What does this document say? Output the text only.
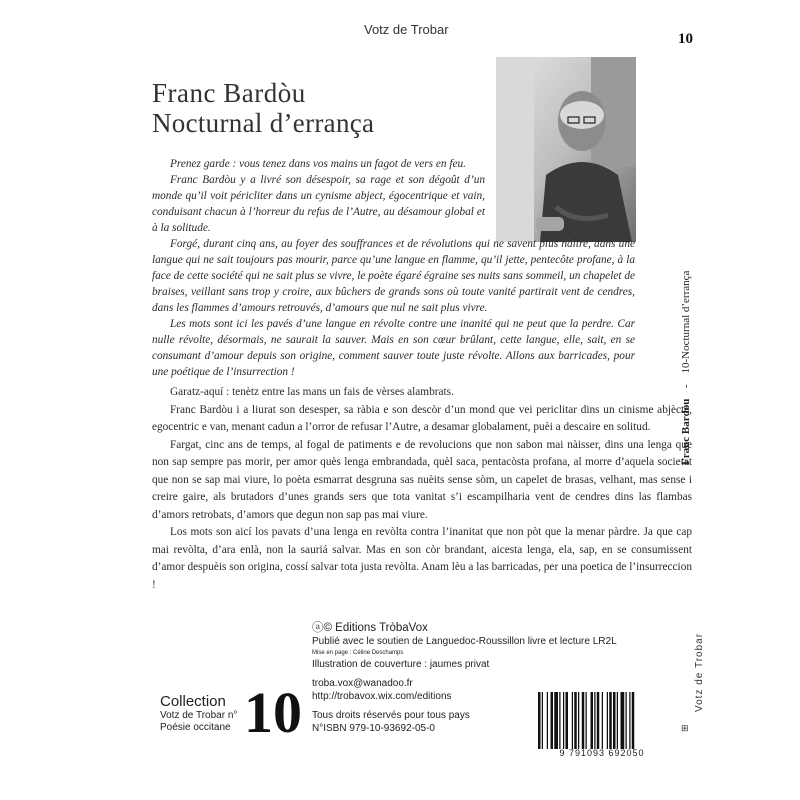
Votz de Trobar
10
Franc Bardòu
Nocturnal d’errança

Prenez garde : vous tenez dans vos mains un fagot de vers en feu.

Franc Bardòu y a livré son désespoir, sa rage et son dégoût d’un monde qu’il voit péricliter dans un cynisme abject, égocentrique et vain, conduisant chacun à l’horreur du refus de l’Autre, au désamour global et à la solitude.

Forgé, durant cinq ans, au foyer des souffrances et de révolutions qui ne savent plus naître, dans une langue qui ne sait toujours pas mourir, parce qu’une langue en flamme, qu’il jette, pentecôte profane, à la face de cette société qui ne sait plus se vivre, le poète égaré égraine ses nuits sans sommeil, un chapelet de braises, veillant sans trop y croire, aux bûchers de grands sons où toute vanité partirait vent de cendres, dans les flammes d’amours retrouvés, d’amours que nul ne sait plus vivre.

Les mots sont ici les pavés d’une langue en révolte contre une inanité qui ne peut que la perdre. Car nulle révolte, désormais, ne saurait la sauver. Mais en son cœur brûlant, cette langue, elle, sait, en se consumant d’amour depuis son origine, comment sauver toute juste révolte. Allons aux barricades, pour une poétique de l’insurrection !

Garatz-aquí : tenètz entre las mans un fais de vèrses alambrats.

Franc Bardòu i a liurat son desesper, sa ràbia e son descòr d’un mond que vei periclitar dins un cinisme abjècte, egocentric e van, menant cadun a l’orror de refusar l’Autre, a desamar globalament, puèi a descaire en solitud.

Fargat, cinc ans de temps, al fogal de patiments e de revolucions que non sabon mai nàisser, dins una lenga que non sap sempre pas morir, per amor quès lenga embrandada, quèl saca, pentacòsta profana, al morre d’aquela societat que non se sap mai viure, lo poèta esmarrat desgruna sas nuèits sense sòm, un capelet de brasas, velhant, mas sense i creire gaire, als brutadors d’unes grands sers que tota vanitat s’i escampilharia vent de cendres dins las flambas d’amors retrobats, d’amors que degun non sap pas mai viure.

Los mots son aicí los pavats d’una lenga en revòlta contra l’inanitat que non pòt que la menar pàrdre. Ja que cap mai revòlta, d’ara enlà, non la sauriá salvar. Mas en son còr brandant, aicesta lenga, ela, sap, en se consumissent d’amor despuèis son origina, cossí salvar tota justa revòlta. Anam lèu a las barricadas, per una poetica de l’insurreccion !

Franc Bardou - 10-Nocturnal d’errança
ⓐ© Editions TròbaVox
Publié avec le soutien de Languedoc-Roussillon livre et lecture LR2L
Mise en page : Céline Deschamps
Illustration de couverture : jaumes privat
troba.vox@wanadoo.fr
http://trobavox.wix.com/editions
Tous droits réservés pour tous pays
N°ISBN 979-10-93692-05-0
Collection
Votz de Trobar n°
Poésie occitane 10
9 791093 692050
Votz de Trobar
⊞
